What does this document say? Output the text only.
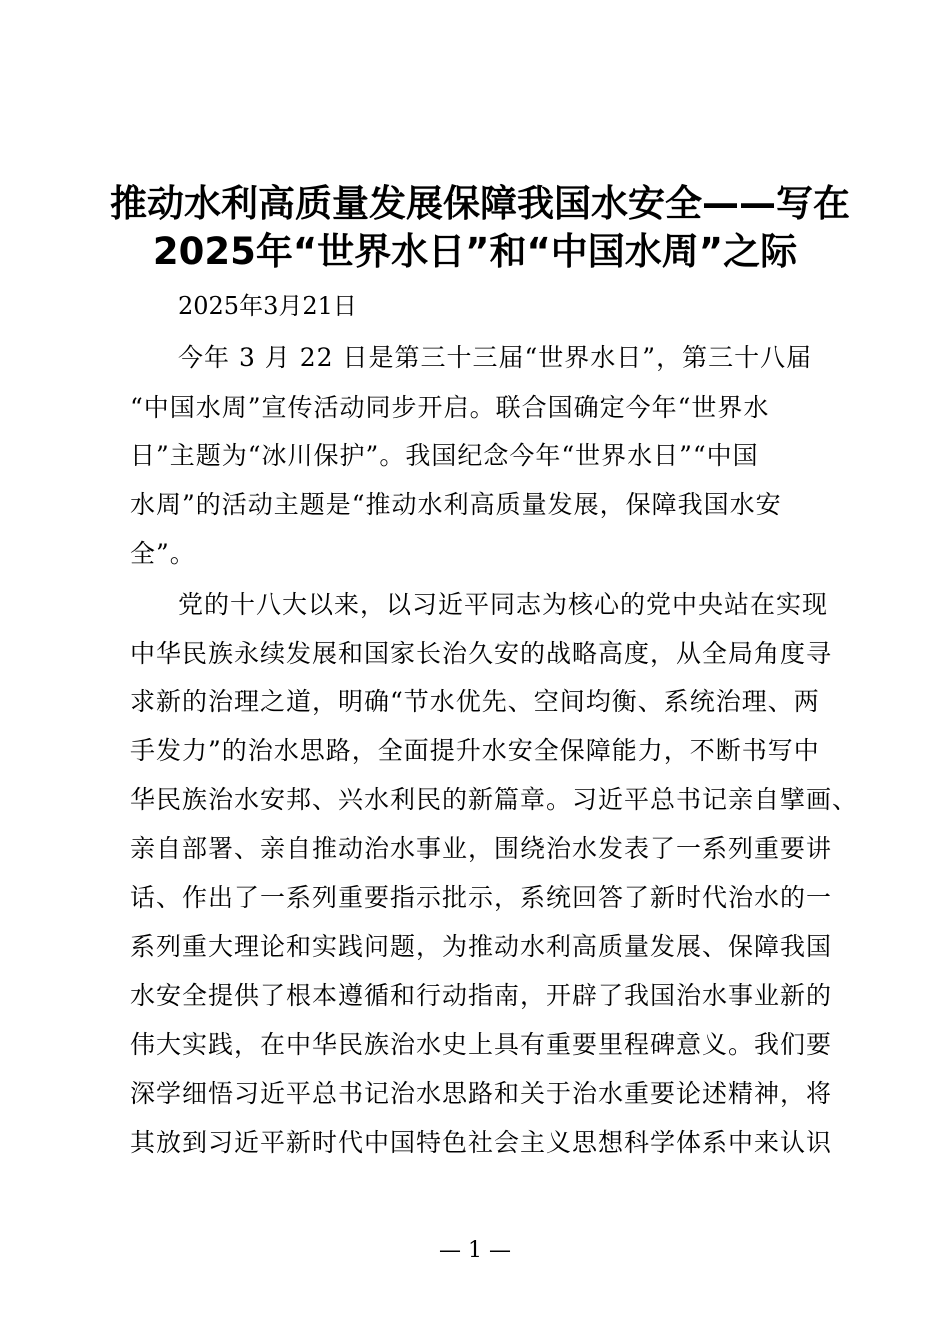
推动水利高质量发展保障我国水安全——写在
2025年“世界水日”和“中国水周”之际
2025年3月21日
今年 3 月 22 日是第三十三届“世界水日”，第三十八届
“中国水周”宣传活动同步开启。联合国确定今年“世界水
日”主题为“冰川保护”。我国纪念今年“世界水日”“中国
水周”的活动主题是“推动水利高质量发展，保障我国水安
全”。
党的十八大以来，以习近平同志为核心的党中央站在实现
中华民族永续发展和国家长治久安的战略高度，从全局角度寻
求新的治理之道，明确“节水优先、空间均衡、系统治理、两
手发力”的治水思路，全面提升水安全保障能力，不断书写中
华民族治水安邦、兴水利民的新篇章。习近平总书记亲自擘画、
亲自部署、亲自推动治水事业，围绕治水发表了一系列重要讲
话、作出了一系列重要指示批示，系统回答了新时代治水的一
系列重大理论和实践问题，为推动水利高质量发展、保障我国
水安全提供了根本遵循和行动指南，开辟了我国治水事业新的
伟大实践，在中华民族治水史上具有重要里程碑意义。我们要
深学细悟习近平总书记治水思路和关于治水重要论述精神，将
其放到习近平新时代中国特色社会主义思想科学体系中来认识
— 1 —
